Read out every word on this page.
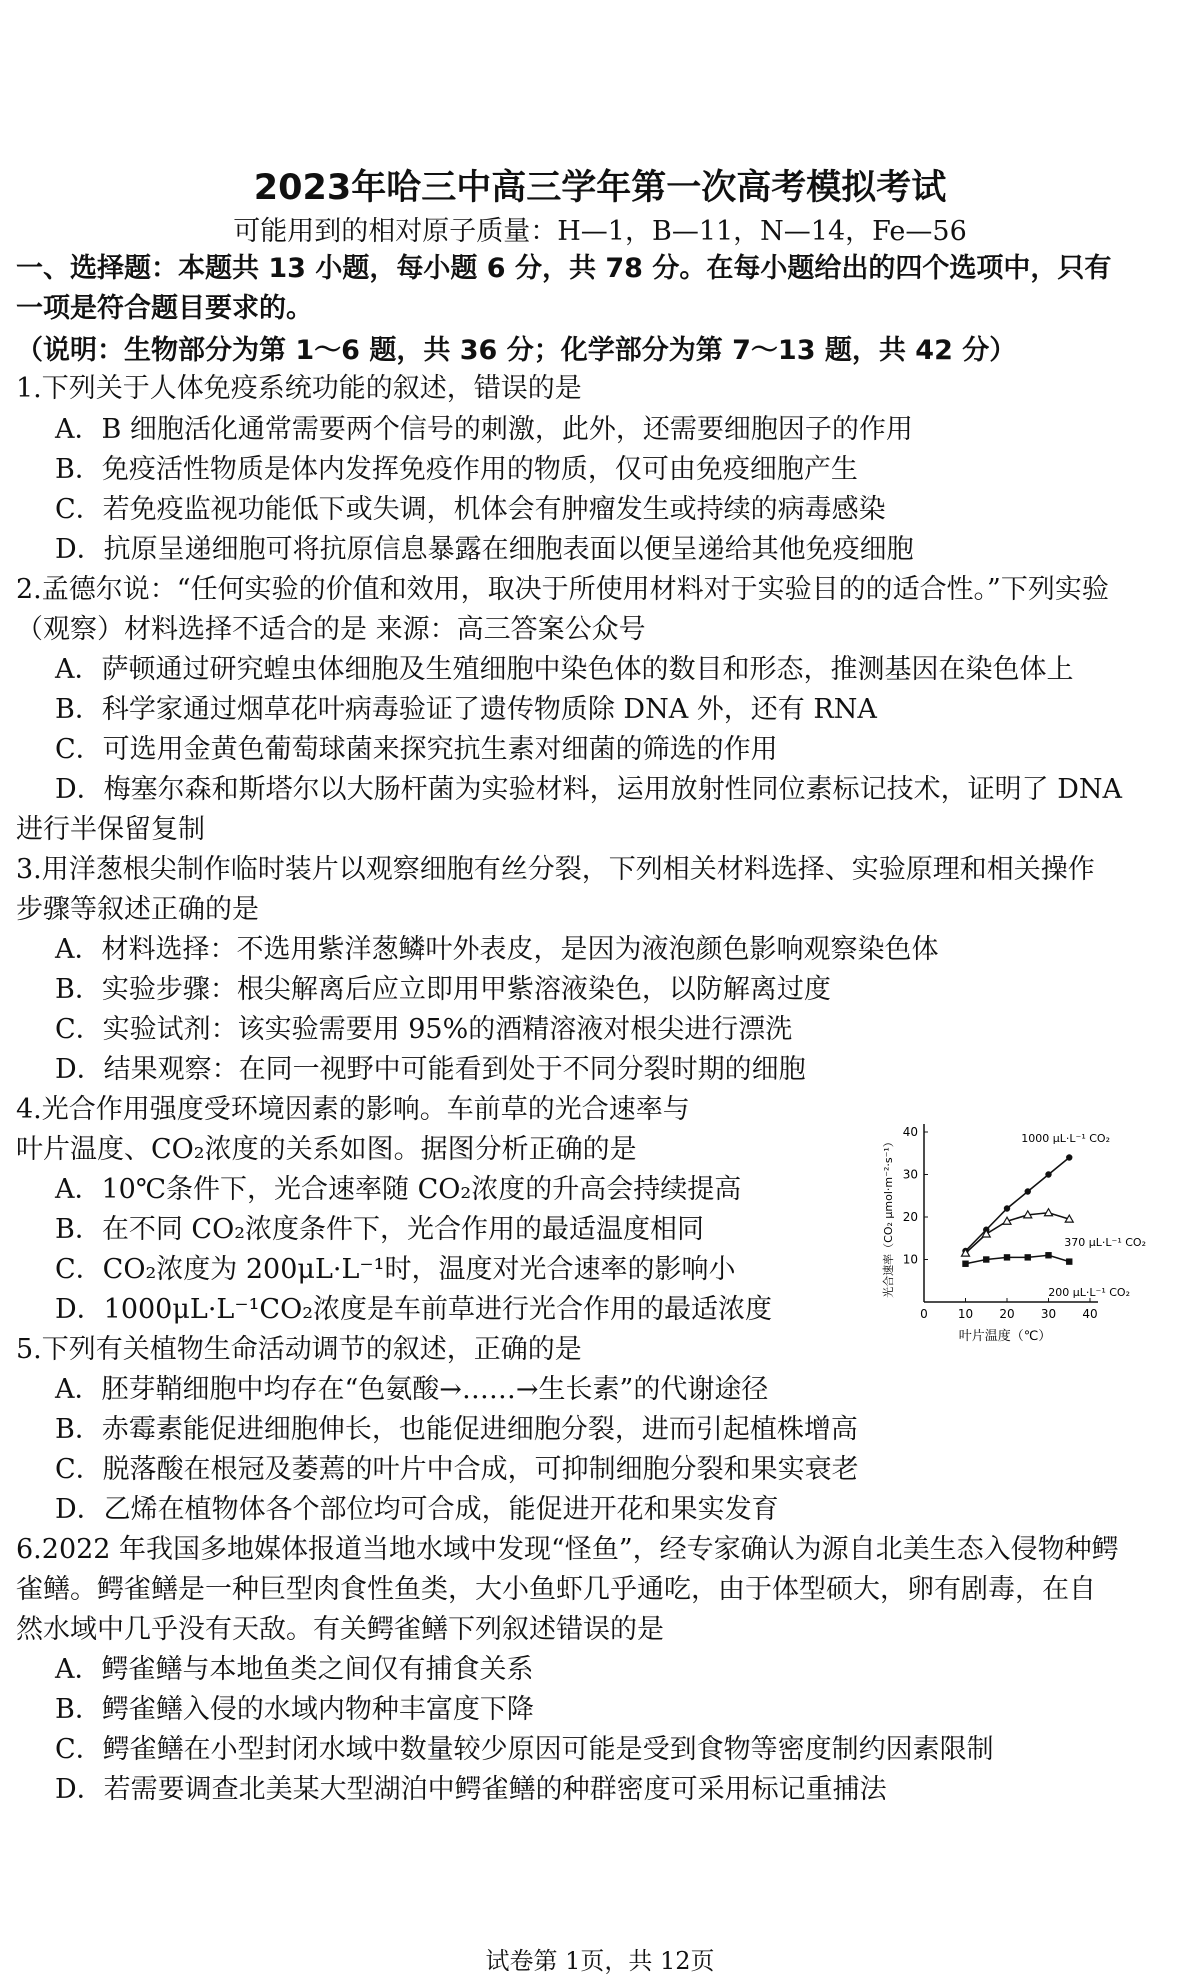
2023年哈三中高三学年第一次高考模拟考试
可能用到的相对原子质量：H—1，B—11，N—14，Fe—56
一、选择题：本题共 13 小题，每小题 6 分，共 78 分。在每小题给出的四个选项中，只有
一项是符合题目要求的。
（说明：生物部分为第 1～6 题，共 36 分；化学部分为第 7～13 题，共 42 分）
1.下列关于人体免疫系统功能的叙述，错误的是
A．B 细胞活化通常需要两个信号的刺激，此外，还需要细胞因子的作用
B．免疫活性物质是体内发挥免疫作用的物质，仅可由免疫细胞产生
C．若免疫监视功能低下或失调，机体会有肿瘤发生或持续的病毒感染
D．抗原呈递细胞可将抗原信息暴露在细胞表面以便呈递给其他免疫细胞
2.孟德尔说：“任何实验的价值和效用，取决于所使用材料对于实验目的的适合性。”下列实验
（观察）材料选择不适合的是 来源：高三答案公众号
A．萨顿通过研究蝗虫体细胞及生殖细胞中染色体的数目和形态，推测基因在染色体上
B．科学家通过烟草花叶病毒验证了遗传物质除 DNA 外，还有 RNA
C．可选用金黄色葡萄球菌来探究抗生素对细菌的筛选的作用
D．梅塞尔森和斯塔尔以大肠杆菌为实验材料，运用放射性同位素标记技术，证明了 DNA
进行半保留复制
3.用洋葱根尖制作临时装片以观察细胞有丝分裂，下列相关材料选择、实验原理和相关操作
步骤等叙述正确的是
A．材料选择：不选用紫洋葱鳞叶外表皮，是因为液泡颜色影响观察染色体
B．实验步骤：根尖解离后应立即用甲紫溶液染色，以防解离过度
C．实验试剂：该实验需要用 95%的酒精溶液对根尖进行漂洗
D．结果观察：在同一视野中可能看到处于不同分裂时期的细胞
4.光合作用强度受环境因素的影响。车前草的光合速率与
叶片温度、CO₂浓度的关系如图。据图分析正确的是
A．10℃条件下，光合速率随 CO₂浓度的升高会持续提高
B．在不同 CO₂浓度条件下，光合作用的最适温度相同
C．CO₂浓度为 200μL·L⁻¹时，温度对光合速率的影响小
D．1000μL·L⁻¹CO₂浓度是车前草进行光合作用的最适浓度	0	10 20 30 40
10
20
30
40	1000 μL·L⁻¹ CO₂
370 μL·L⁻¹ CO₂
200 μL·L⁻¹ CO₂
叶片温度（℃）
光合速率（CO₂ μmol·m⁻²·s⁻¹）
5.下列有关植物生命活动调节的叙述，正确的是
A．胚芽鞘细胞中均存在“色氨酸→……→生长素”的代谢途径
B．赤霉素能促进细胞伸长，也能促进细胞分裂，进而引起植株增高
C．脱落酸在根冠及萎蔫的叶片中合成，可抑制细胞分裂和果实衰老
D．乙烯在植物体各个部位均可合成，能促进开花和果实发育
6.2022 年我国多地媒体报道当地水域中发现“怪鱼”，经专家确认为源自北美生态入侵物种鳄
雀鳝。鳄雀鳝是一种巨型肉食性鱼类，大小鱼虾几乎通吃，由于体型硕大，卵有剧毒，在自
然水域中几乎没有天敌。有关鳄雀鳝下列叙述错误的是
A．鳄雀鳝与本地鱼类之间仅有捕食关系
B．鳄雀鳝入侵的水域内物种丰富度下降
C．鳄雀鳝在小型封闭水域中数量较少原因可能是受到食物等密度制约因素限制
D．若需要调查北美某大型湖泊中鳄雀鳝的种群密度可采用标记重捕法
试卷第 1页，共 12页
